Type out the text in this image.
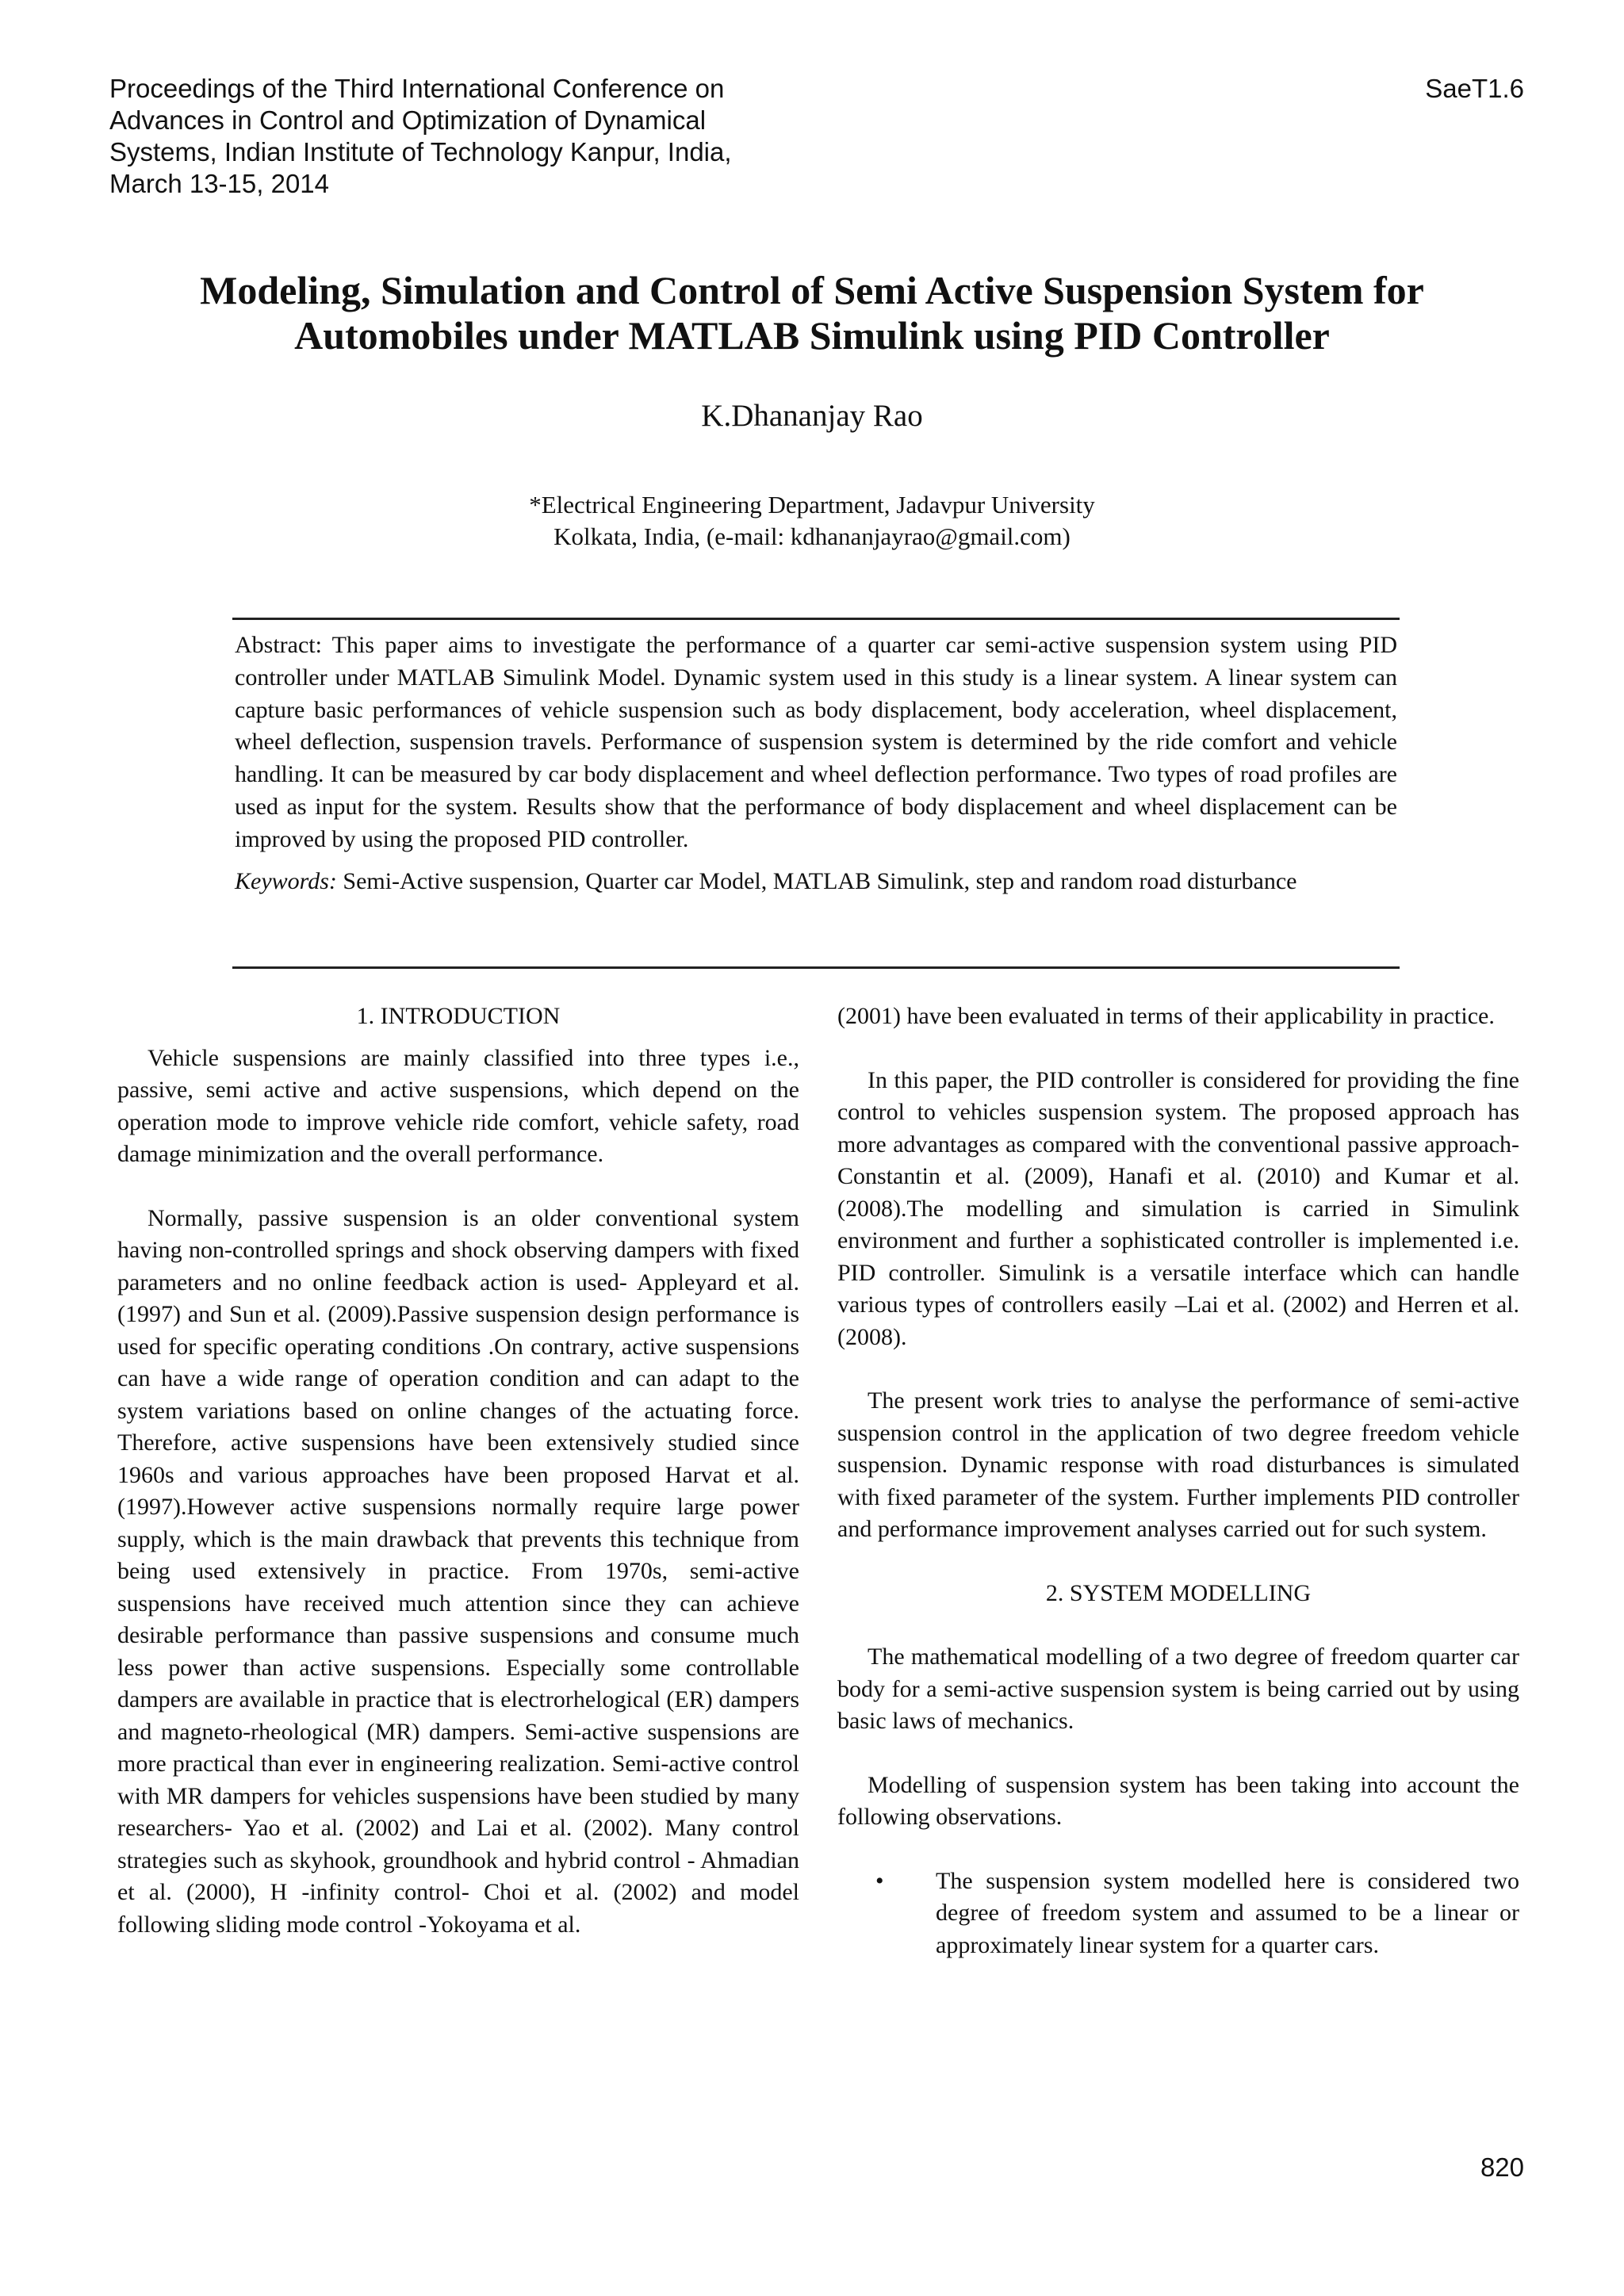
Proceedings of the Third International Conference on
Advances in Control and Optimization of Dynamical
Systems, Indian Institute of Technology Kanpur, India,
March 13-15, 2014
SaeT1.6
Modeling, Simulation and Control of Semi Active Suspension System for
Automobiles under MATLAB Simulink using PID Controller
K.Dhananjay Rao
*Electrical Engineering Department, Jadavpur University
Kolkata, India, (e-mail: kdhananjayrao@gmail.com)

Abstract: This paper aims to investigate the performance of a quarter car semi-active suspension system using PID controller under MATLAB Simulink Model. Dynamic system used in this study is a linear system. A linear system can capture basic performances of vehicle suspension such as body displacement, body acceleration, wheel displacement, wheel deflection, suspension travels. Performance of suspension system is determined by the ride comfort and vehicle handling. It can be measured by car body displacement and wheel deflection performance. Two types of road profiles are used as input for the system. Results show that the performance of body displacement and wheel displacement can be improved by using the proposed PID controller.

Keywords: Semi-Active suspension, Quarter car Model, MATLAB Simulink, step and random road disturbance

1. INTRODUCTION

Vehicle suspensions are mainly classified into three types i.e., passive, semi active and active suspensions, which depend on the operation mode to improve vehicle ride comfort, vehicle safety, road damage minimization and the overall performance.

Normally, passive suspension is an older conventional system having non-controlled springs and shock observing dampers with fixed parameters and no online feedback action is used- Appleyard et al. (1997) and Sun et al. (2009).Passive suspension design performance is used for specific operating conditions .On contrary, active suspensions can have a wide range of operation condition and can adapt to the system variations based on online changes of the actuating force. Therefore, active suspensions have been extensively studied since 1960s and various approaches have been proposed Harvat et al. (1997).However active suspensions normally require large power supply, which is the main drawback that prevents this technique from being used extensively in practice. From 1970s, semi-active suspensions have received much attention since they can achieve desirable performance than passive suspensions and consume much less power than active suspensions. Especially some controllable dampers are available in practice that is electrorhelogical (ER) dampers and magneto-rheological (MR) dampers. Semi-active suspensions are more practical than ever in engineering realization. Semi-active control with MR dampers for vehicles suspensions have been studied by many researchers- Yao et al. (2002) and Lai et al. (2002). Many control strategies such as skyhook, groundhook and hybrid control - Ahmadian et al. (2000), H -infinity control- Choi et al. (2002) and model following sliding mode control -Yokoyama et al.

(2001) have been evaluated in terms of their applicability in practice.

In this paper, the PID controller is considered for providing the fine control to vehicles suspension system. The proposed approach has more advantages as compared with the conventional passive approach- Constantin et al. (2009), Hanafi et al. (2010) and Kumar et al. (2008).The modelling and simulation is carried in Simulink environment and further a sophisticated controller is implemented i.e. PID controller. Simulink is a versatile interface which can handle various types of controllers easily –Lai et al. (2002) and Herren et al. (2008).

The present work tries to analyse the performance of semi-active suspension control in the application of two degree freedom vehicle suspension. Dynamic response with road disturbances is simulated with fixed parameter of the system. Further implements PID controller and performance improvement analyses carried out for such system.

2. SYSTEM MODELLING

The mathematical modelling of a two degree of freedom quarter car body for a semi-active suspension system is being carried out by using basic laws of mechanics.

Modelling of suspension system has been taking into account the following observations.

• The suspension system modelled here is considered two degree of freedom system and assumed to be a linear or approximately linear system for a quarter cars.
820
